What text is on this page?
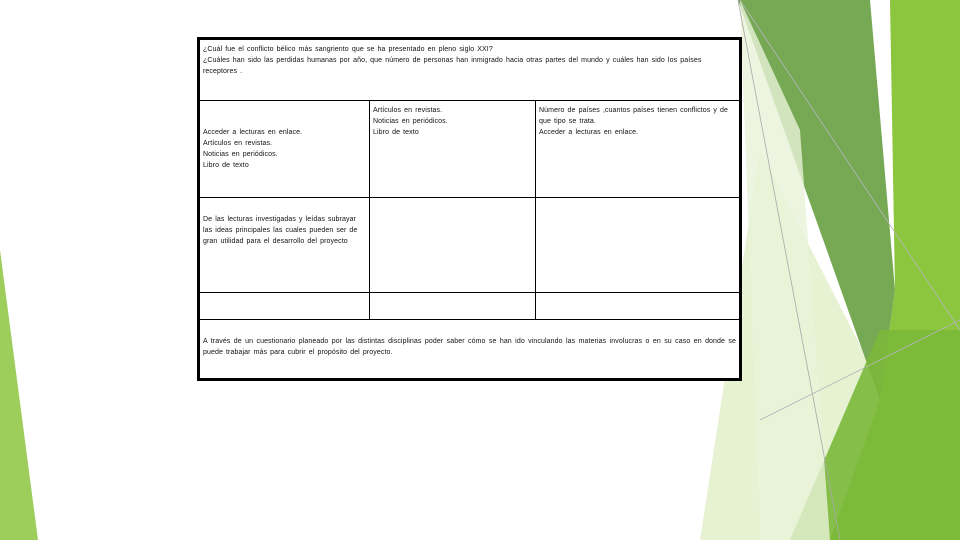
¿Cuál fue el conflicto bélico más sangriento que se ha presentado en pleno siglo XXI?
¿Cuáles han sido las perdidas humanas por año, que número de personas han inmigrado hacia otras partes del mundo y cuáles han sido los países receptores .
Acceder a lecturas en enlace.
Artículos en revistas.
Noticias en periódicos.
Libro de texto
Artículos en revistas.
Noticias en periódicos.
Libro de texto
Número de países ,cuantos países tienen conflictos y de que tipo se trata.
Acceder a lecturas en enlace.
De las lecturas investigadas y leídas subrayar las ideas principales las cuales pueden ser de gran utilidad para el desarrollo del proyecto
A través de un cuestionario planeado por las distintas disciplinas poder saber cómo se han ido vinculando las materias involucras o en su caso en donde se puede trabajar más para cubrir el propósito del proyecto.
